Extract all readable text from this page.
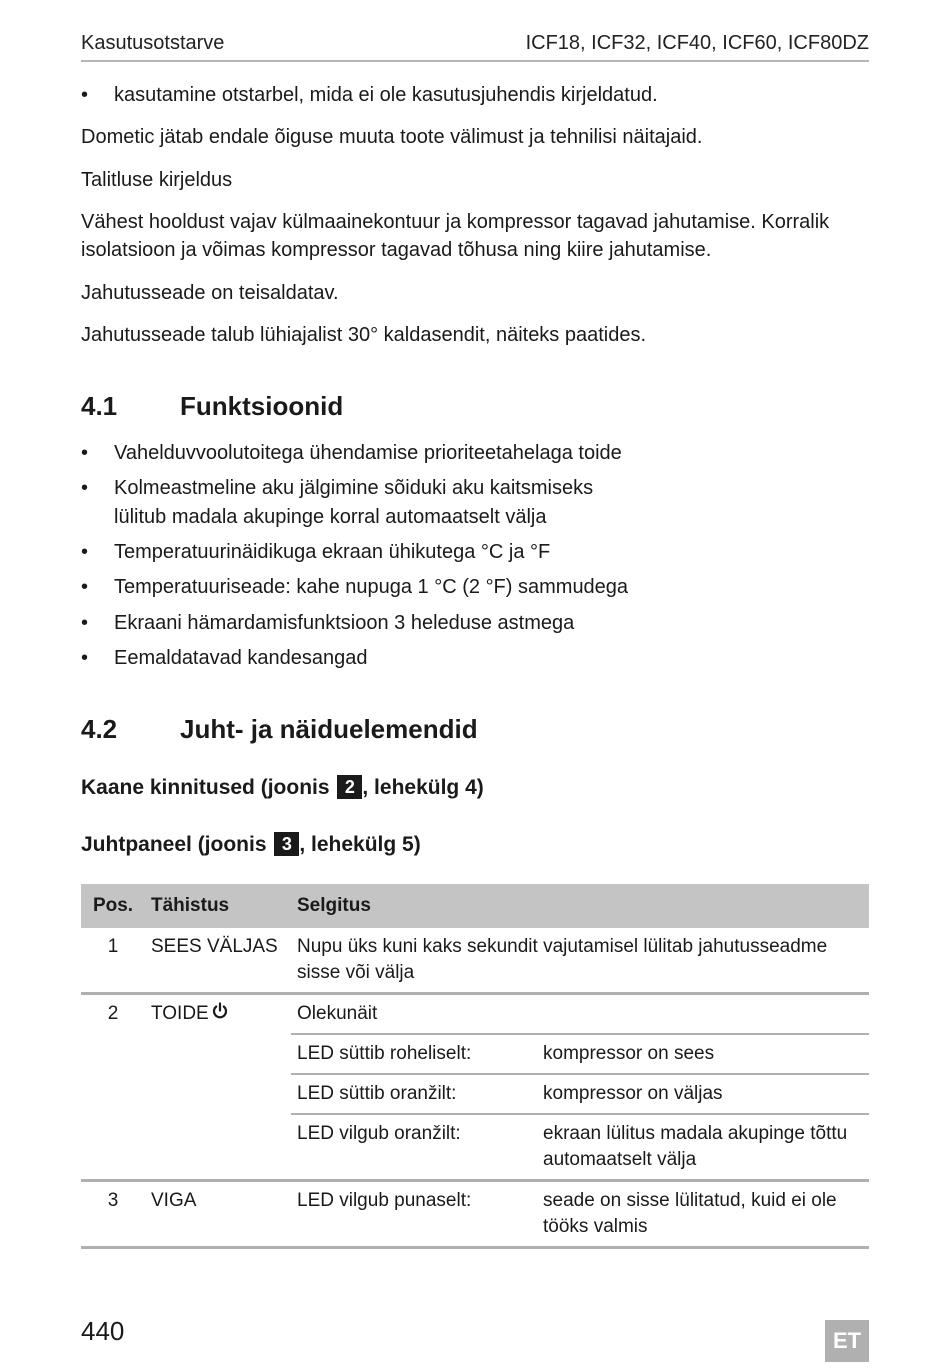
Kasutusotstarve	ICF18, ICF32, ICF40, ICF60, ICF80DZ
•	kasutamine otstarbel, mida ei ole kasutusjuhendis kirjeldatud.
Dometic jätab endale õiguse muuta toote välimust ja tehnilisi näitajaid.
Talitluse kirjeldus
Vähest hooldust vajav külmaainekontuur ja kompressor tagavad jahutamise. Korralik isolatsioon ja võimas kompressor tagavad tõhusa ning kiire jahutamise.
Jahutusseade on teisaldatav.
Jahutusseade talub lühiajalist 30° kaldasendit, näiteks paatides.
4.1 Funktsioonid
•	Vahelduvvoolutoitega ühendamise prioriteetahelaga toide
•	Kolmeastmeline aku jälgimine sõiduki aku kaitsmiseks lülitub madala akupinge korral automaatselt välja
•	Temperatuurinäidikuga ekraan ühikutega °C ja °F
•	Temperatuuriseade: kahe nupuga 1 °C (2 °F) sammudega
•	Ekraani hämardamisfunktsioon 3 heleduse astmega
•	Eemaldatavad kandesangad
4.2 Juht- ja näiduelemendid
Kaane kinnitused (joonis 2 , lehekülg 4)
Juhtpaneel (joonis 3 , lehekülg 5)
Pos.	Tähistus	Selgitus	
1	SEES VÄLJAS	Nupu üks kuni kaks sekundit vajutamisel lülitab jahutusseadme sisse või välja	
2	TOIDE	Olekunäit	
		LED süttib roheliselt:	kompressor on sees
		LED süttib oranžilt:	kompressor on väljas
		LED vilgub oranžilt:	ekraan lülitus madala akupinge tõttu automaatselt välja
3	VIGA	LED vilgub punaselt:	seade on sisse lülitatud, kuid ei ole tööks valmis
440	ET
